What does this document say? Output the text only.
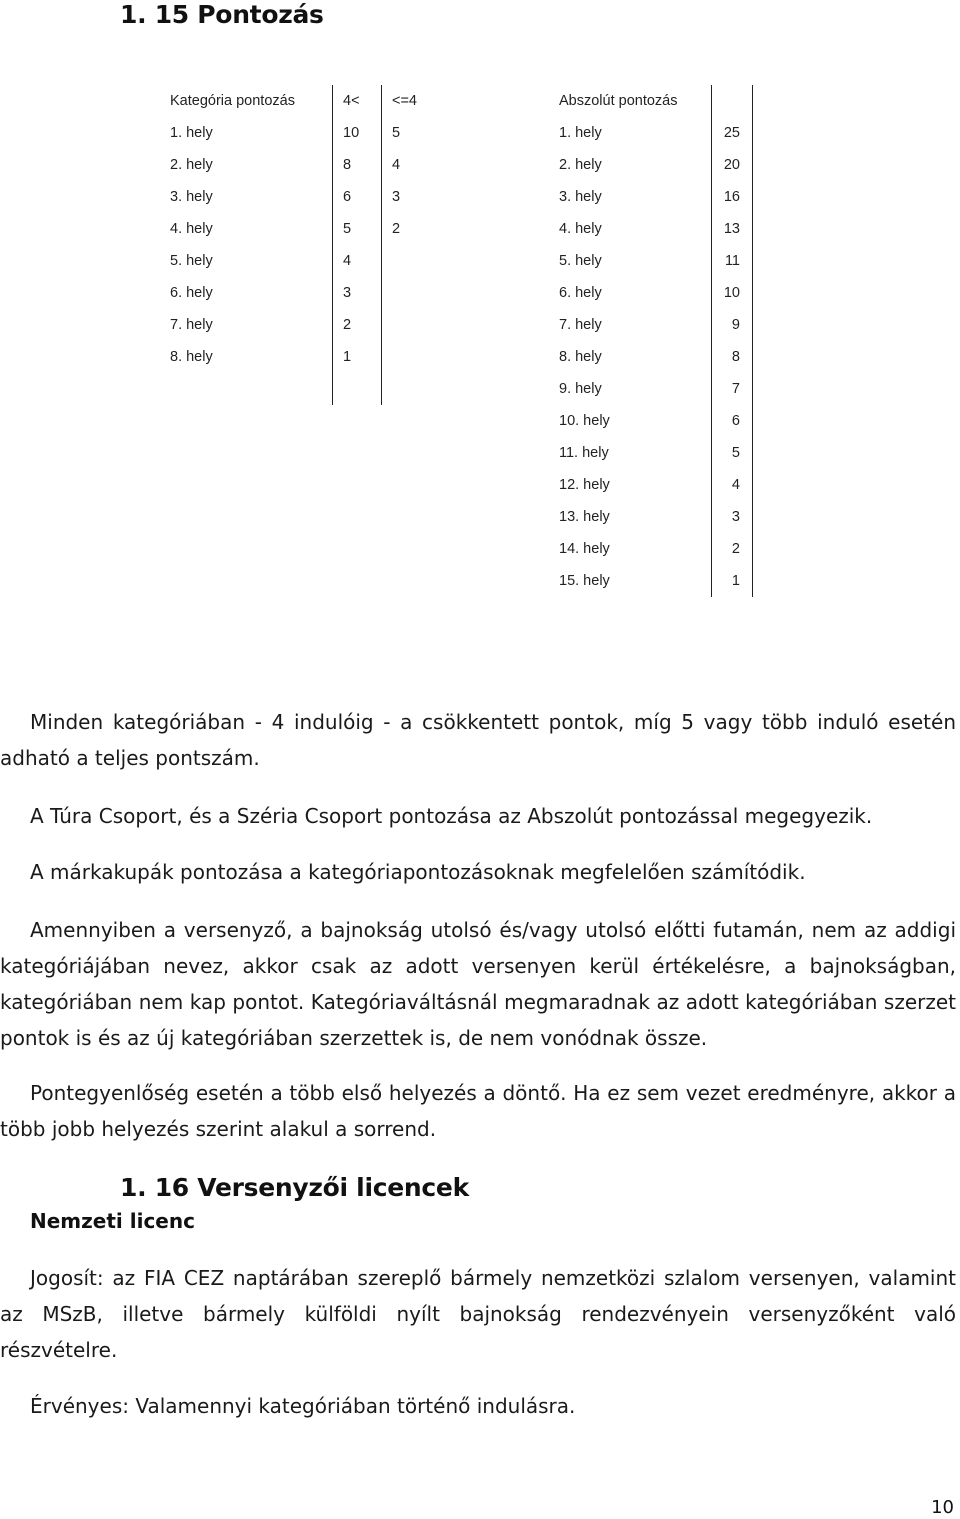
1. 15 Pontozás
Kategória pontozás	4<	<=4
1. hely	10	5
2. hely	8	4
3. hely	6	3
4. hely	5	2
5. hely	4	
6. hely	3	
7. hely	2	
8. hely	1	

Abszolút pontozás		
1. hely	25	
2. hely	20	
3. hely	16	
4. hely	13	
5. hely	11	
6. hely	10	
7. hely	9	
8. hely	8	
9. hely	7	
10. hely	6	
11. hely	5	
12. hely	4	
13. hely	3	
14. hely	2	
15. hely	1	

Minden kategóriában - 4 indulóig - a csökkentett pontok, míg 5 vagy több induló esetén adható a teljes pontszám.

A Túra Csoport, és a Széria Csoport pontozása az Abszolút pontozással megegyezik.

A márkakupák pontozása a kategóriapontozásoknak megfelelően számítódik.

Amennyiben a versenyző, a bajnokság utolsó és/vagy utolsó előtti futamán, nem az addigi kategóriájában nevez, akkor csak az adott versenyen kerül értékelésre, a bajnokságban, kategóriában nem kap pontot. Kategóriaváltásnál megmaradnak az adott kategóriában szerzet pontok is és az új kategóriában szerzettek is, de nem vonódnak össze.

Pontegyenlőség esetén a több első helyezés a döntő. Ha ez sem vezet eredményre, akkor a több jobb helyezés szerint alakul a sorrend.

1. 16 Versenyzői licencek
Nemzeti licenc

Jogosít: az FIA CEZ naptárában szereplő bármely nemzetközi szlalom versenyen, valamint az MSzB, illetve bármely külföldi nyílt bajnokság rendezvényein versenyzőként való részvételre.

Érvényes: Valamennyi kategóriában történő indulásra.

10
